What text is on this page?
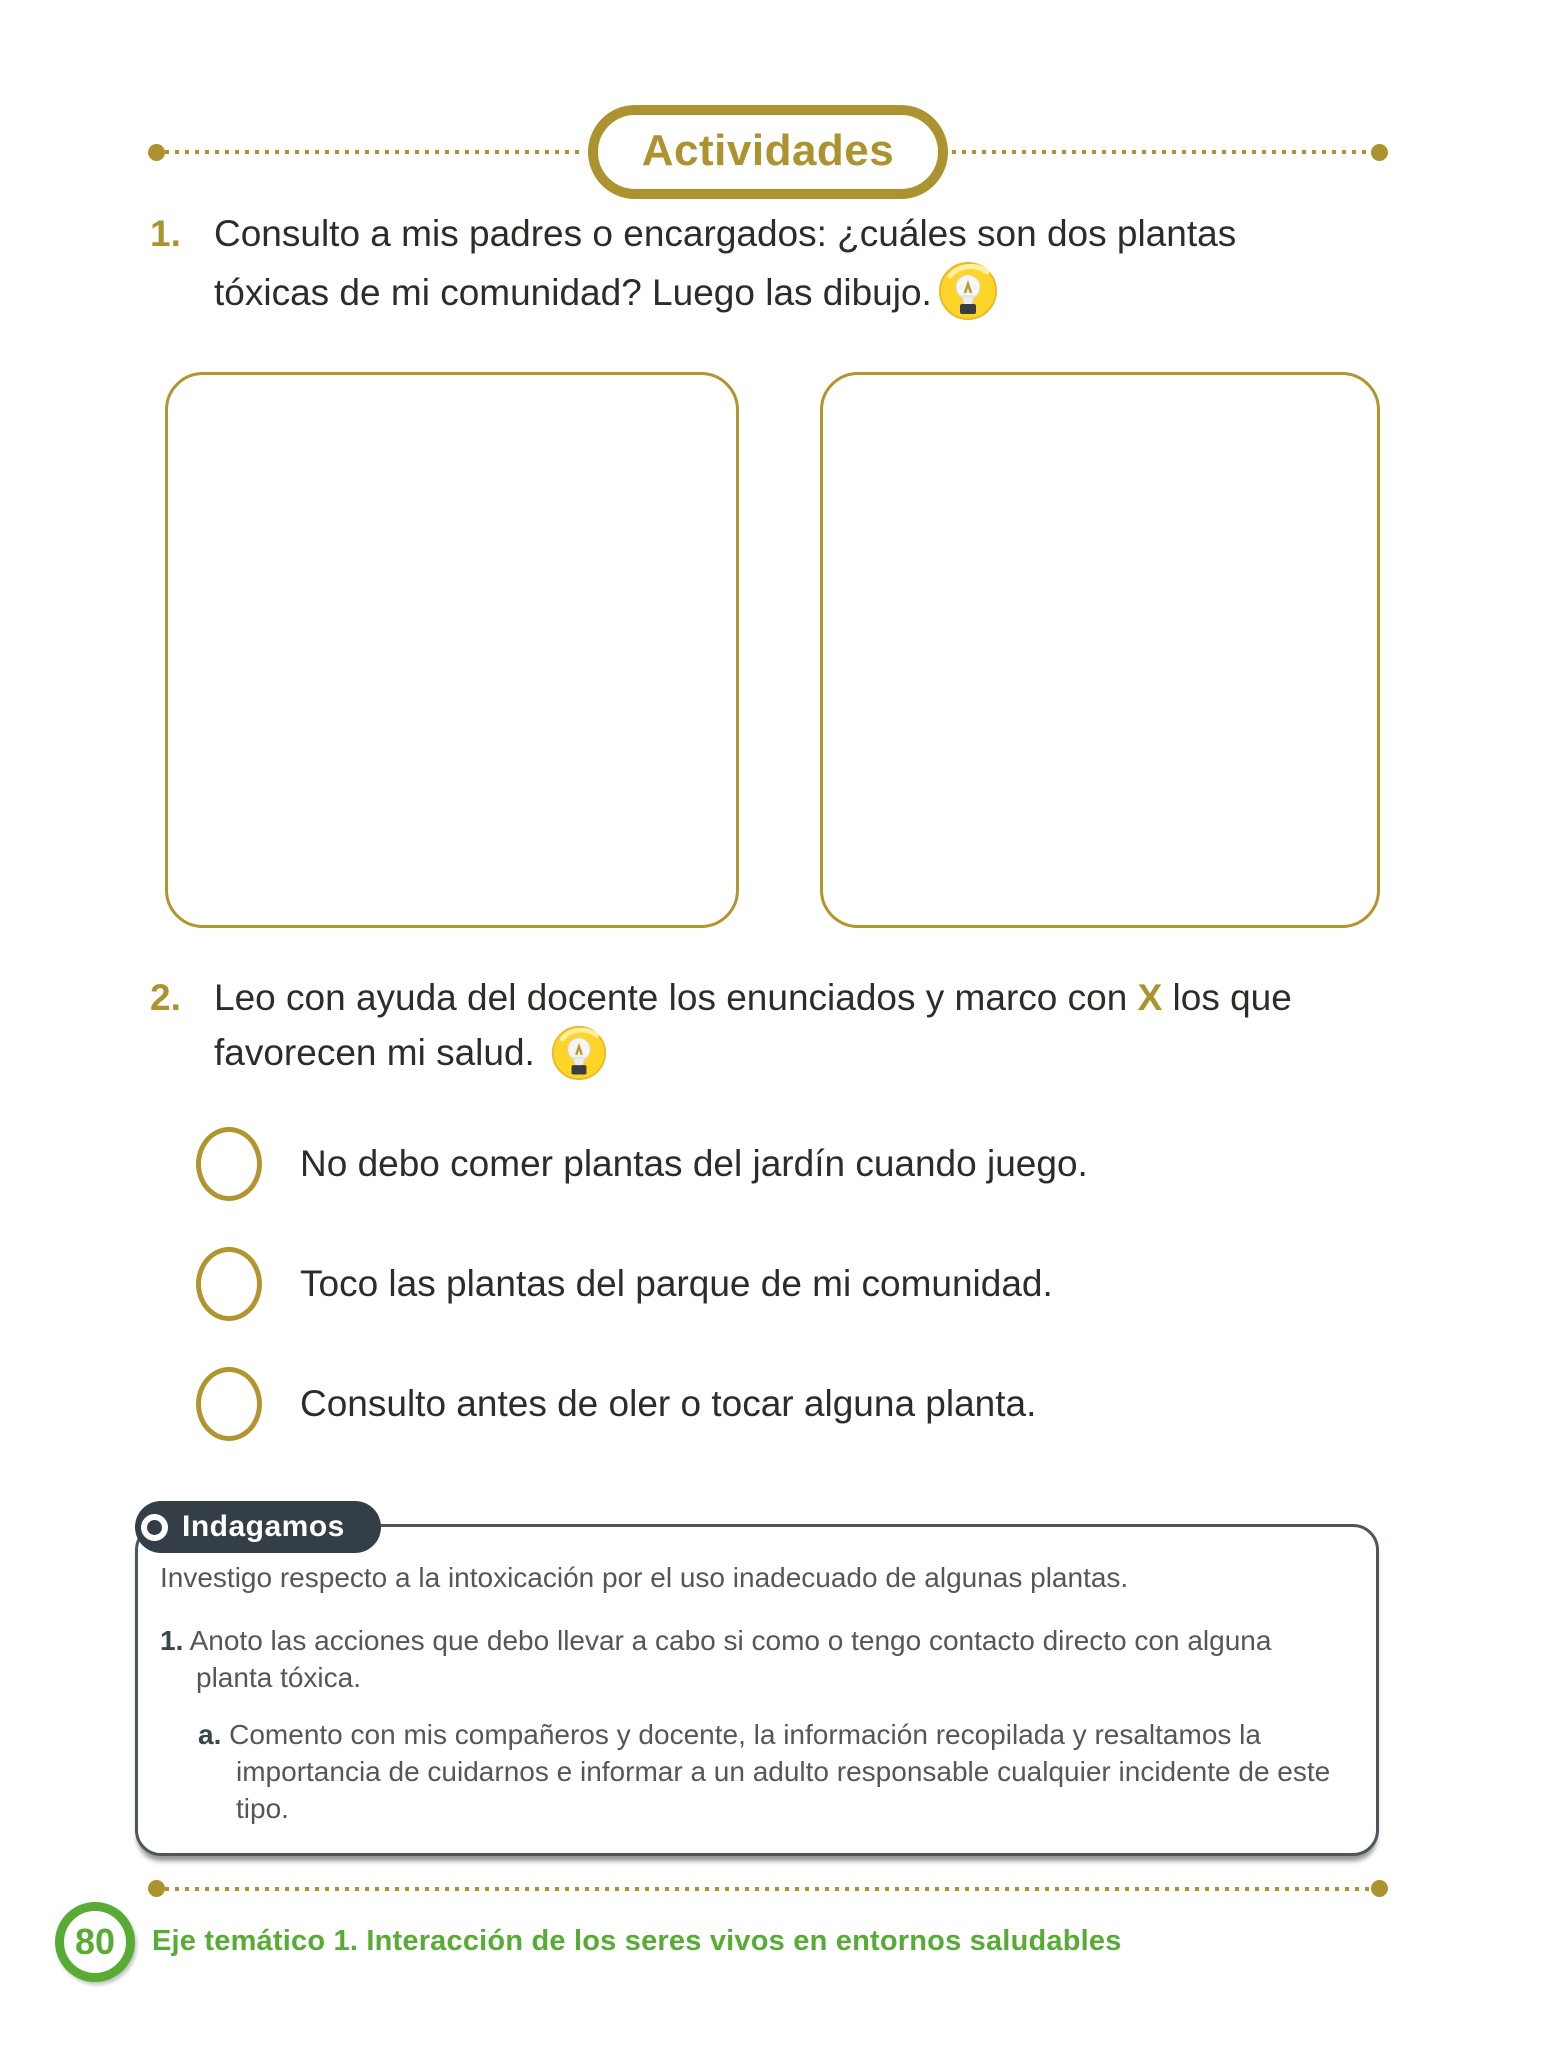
Actividades
1. Consulto a mis padres o encargados: ¿cuáles son dos plantas
tóxicas de mi comunidad? Luego las dibujo.
2. Leo con ayuda del docente los enunciados y marco con X los que
favorecen mi salud.
No debo comer plantas del jardín cuando juego.
Toco las plantas del parque de mi comunidad.
Consulto antes de oler o tocar alguna planta.
Indagamos

Investigo respecto a la intoxicación por el uso inadecuado de algunas plantas.

1. Anoto las acciones que debo llevar a cabo si como o tengo contacto directo con alguna planta tóxica.

a. Comento con mis compañeros y docente, la información recopilada y resaltamos la importancia de cuidarnos e informar a un adulto responsable cualquier incidente de este tipo.

80 Eje temático 1. Interacción de los seres vivos en entornos saludables
